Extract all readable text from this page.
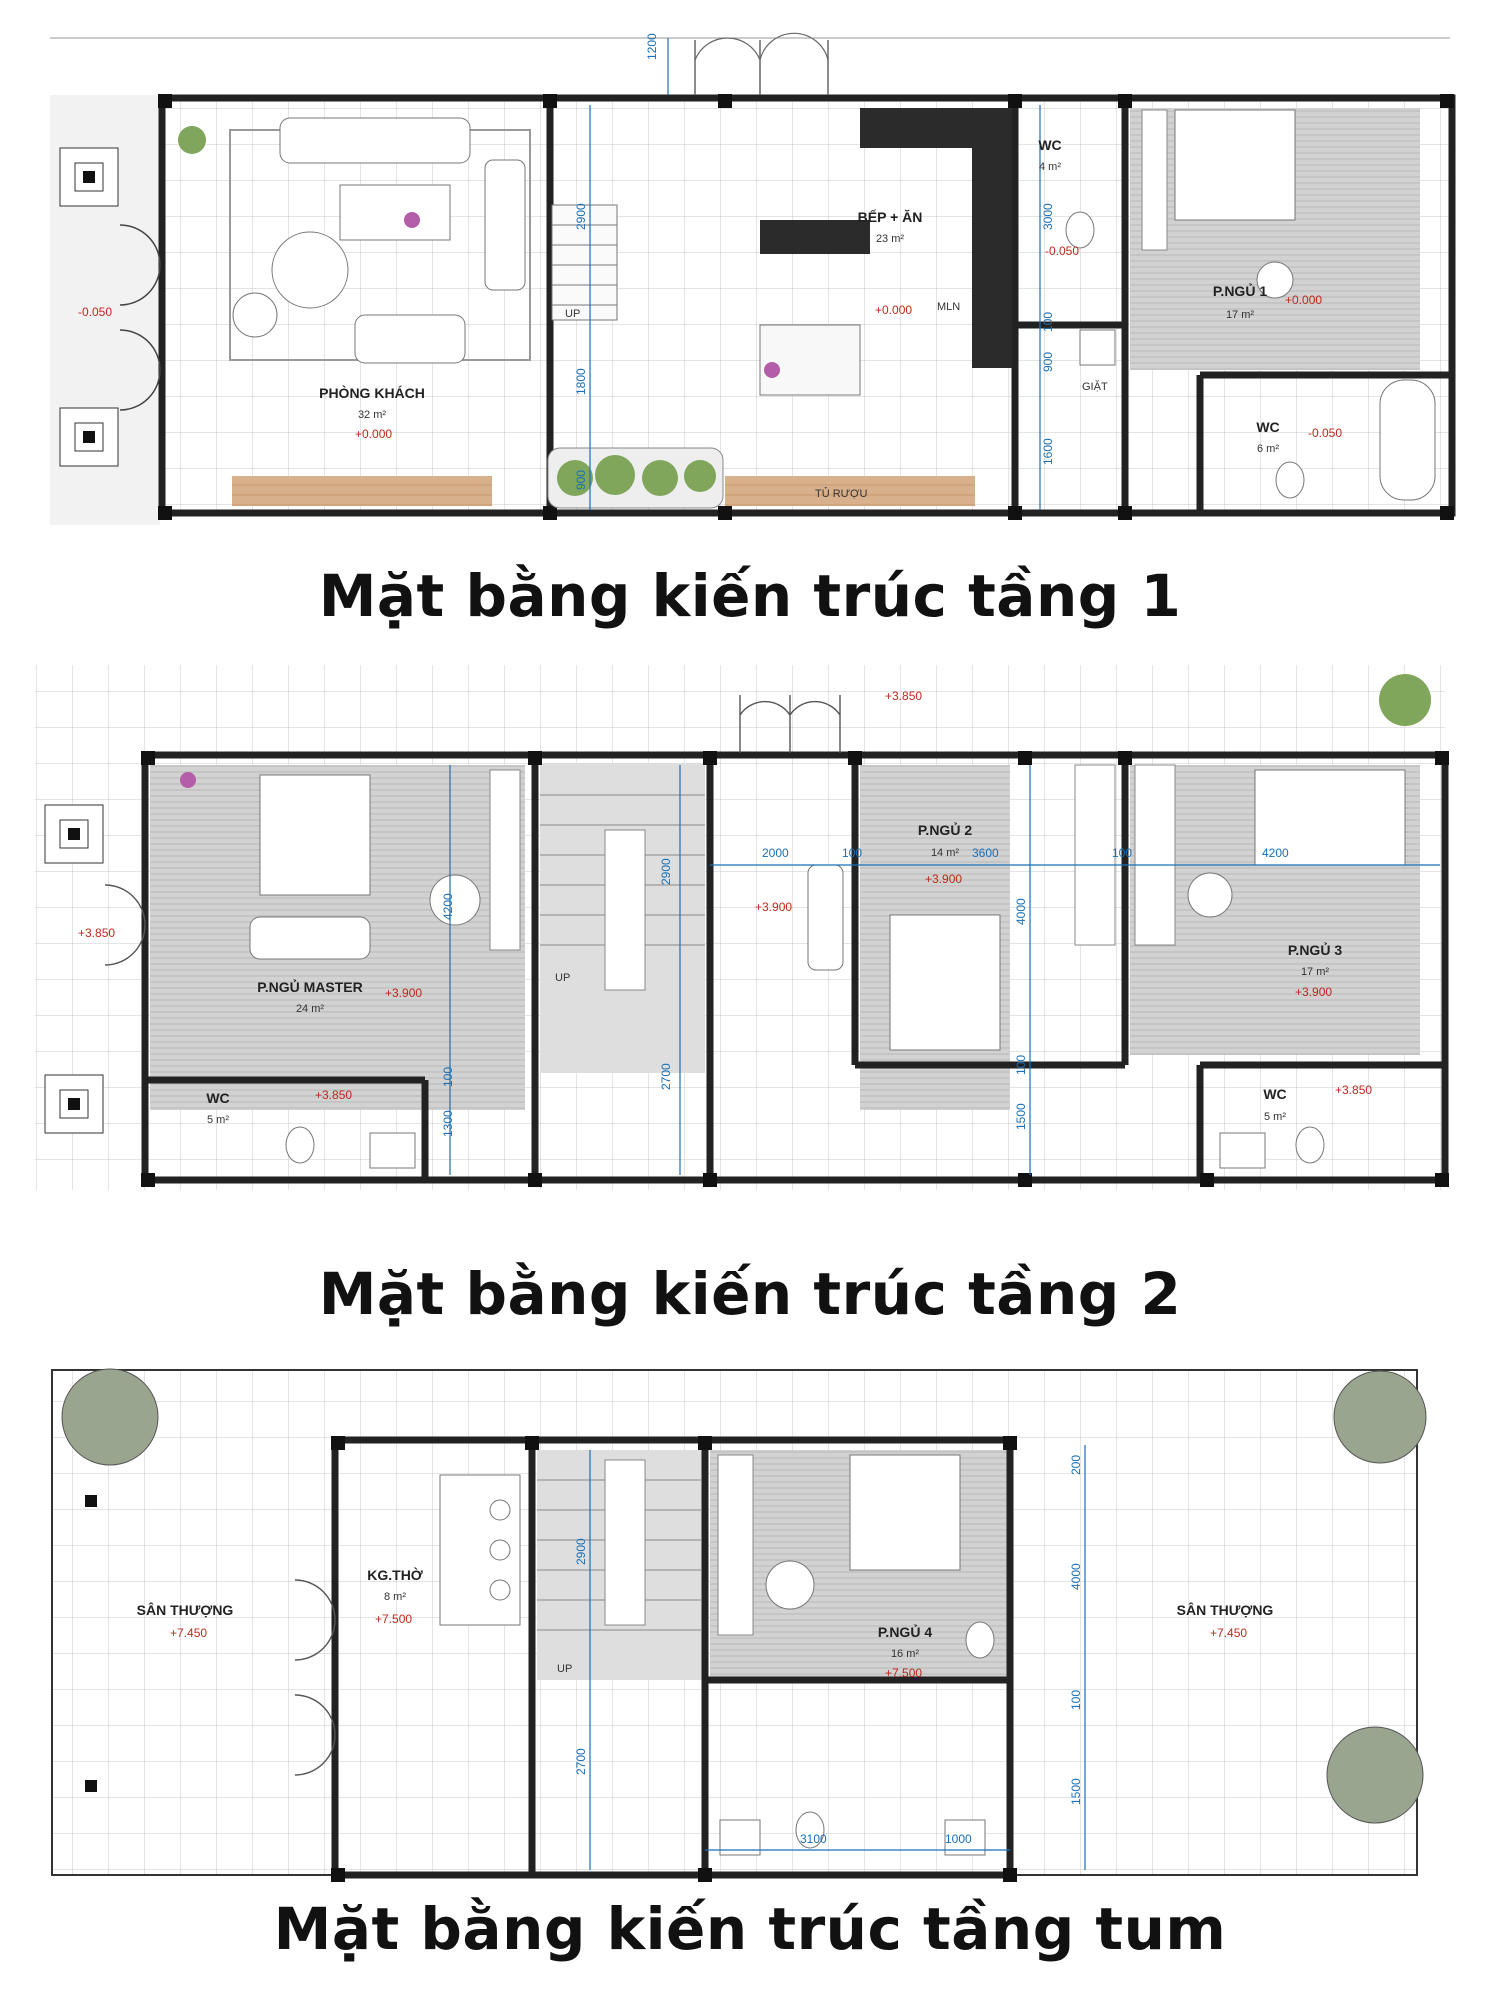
PHÒNG KHÁCH
32 m²
+0.000
BẾP + ĂN
23 m²
+0.000
WC
4 m²
-0.050
P.NGỦ 1
17 m²
+0.000
WC
6 m²
-0.050
UP
MLN
GIẶT
TỦ RƯỢU
-0.050
1200
2900
1800
900
3000
100
900
1600
Mặt bằng kiến trúc tầng 1
P.NGỦ MASTER
24 m²
+3.900
P.NGỦ 2
14 m²
+3.900
P.NGỦ 3
17 m²
+3.900
WC
5 m²
+3.850	WC
5 m²
+3.850
UP
+3.900
+3.850
+3.850
4200
100
1300
2900
2700
2000	100	3600
4000
100
1500
100	4200
Mặt bằng kiến trúc tầng 2
SÂN THƯỢNG
+7.450
SÂN THƯỢNG
+7.450
KG.THỜ
8 m²
+7.500
P.NGỦ 4
16 m²
+7.500
UP
2900
2700
200
4000
100
1500
3100	1000
Mặt bằng kiến trúc tầng tum
